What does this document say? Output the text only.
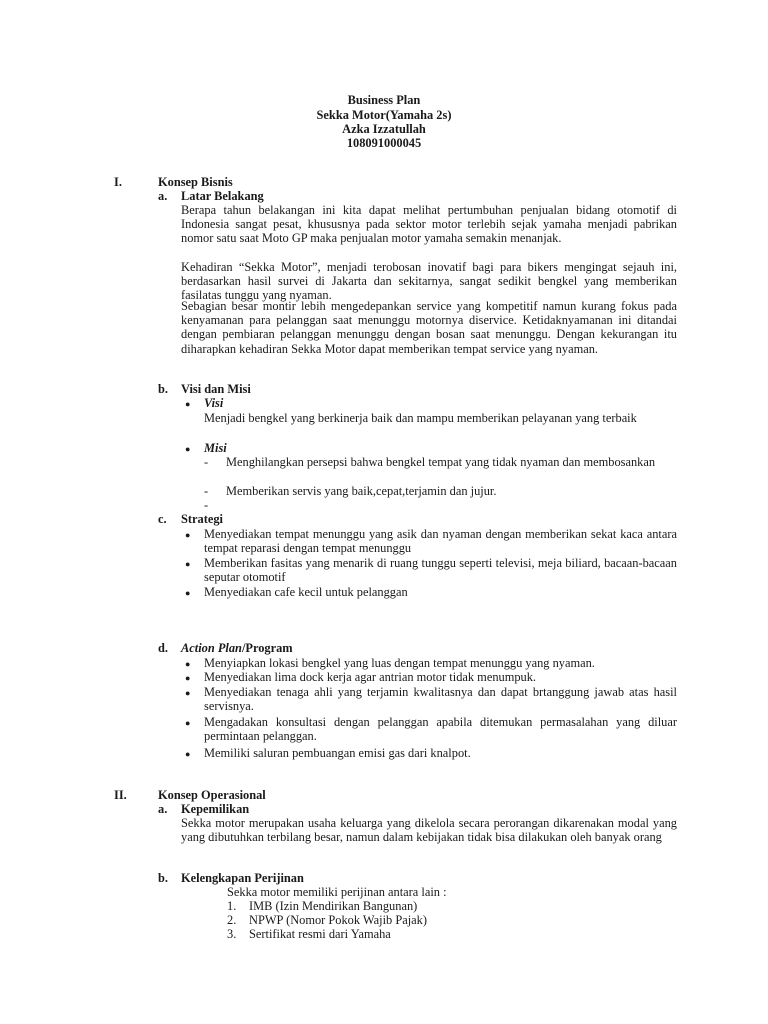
Business Plan
Sekka Motor(Yamaha 2s)
Azka Izzatullah
108091000045
I.	Konsep Bisnis
a. Latar Belakang
Berapa tahun belakangan ini kita dapat melihat pertumbuhan penjualan bidang otomotif di Indonesia sangat pesat, khususnya pada sektor motor terlebih sejak yamaha menjadi pabrikan nomor satu saat Moto GP maka penjualan motor yamaha semakin menanjak.
Kehadiran “Sekka Motor”, menjadi terobosan inovatif bagi para bikers mengingat sejauh ini, berdasarkan hasil survei di Jakarta dan sekitarnya, sangat sedikit bengkel yang memberikan fasilatas tunggu yang nyaman.
Sebagian besar montir lebih mengedepankan service yang kompetitif namun kurang fokus pada kenyamanan para pelanggan saat menunggu motornya diservice. Ketidaknyamanan ini ditandai dengan pembiaran pelanggan menunggu dengan bosan saat menunggu. Dengan kekurangan itu diharapkan kehadiran Sekka Motor dapat memberikan tempat service yang nyaman.
b. Visi dan Misi
● Visi
Menjadi bengkel yang berkinerja baik dan mampu memberikan pelayanan yang terbaik
● Misi
- Menghilangkan persepsi bahwa bengkel tempat yang tidak nyaman dan membosankan
- Memberikan servis yang baik,cepat,terjamin dan jujur.
-
c. Strategi
● Menyediakan tempat menunggu yang asik dan nyaman dengan memberikan sekat kaca antara tempat reparasi dengan tempat menunggu
● Memberikan fasitas yang menarik di ruang tunggu seperti televisi, meja biliard, bacaan-bacaan seputar otomotif
● Menyediakan cafe kecil untuk pelanggan
d. Action Plan/Program
● Menyiapkan lokasi bengkel yang luas dengan tempat menunggu yang nyaman.
● Menyediakan lima dock kerja agar antrian motor tidak menumpuk.
● Menyediakan tenaga ahli yang terjamin kwalitasnya dan dapat brtanggung jawab atas hasil servisnya.
● Mengadakan konsultasi dengan pelanggan apabila ditemukan permasalahan yang diluar permintaan pelanggan.
● Memiliki saluran pembuangan emisi gas dari knalpot.
II.	Konsep Operasional
a. Kepemilikan
Sekka motor merupakan usaha keluarga yang dikelola secara perorangan dikarenakan modal yang yang dibutuhkan terbilang besar, namun dalam kebijakan tidak bisa dilakukan oleh banyak orang
b. Kelengkapan Perijinan
Sekka motor memiliki perijinan antara lain :
1. IMB (Izin Mendirikan Bangunan)
2. NPWP (Nomor Pokok Wajib Pajak)
3. Sertifikat resmi dari Yamaha
